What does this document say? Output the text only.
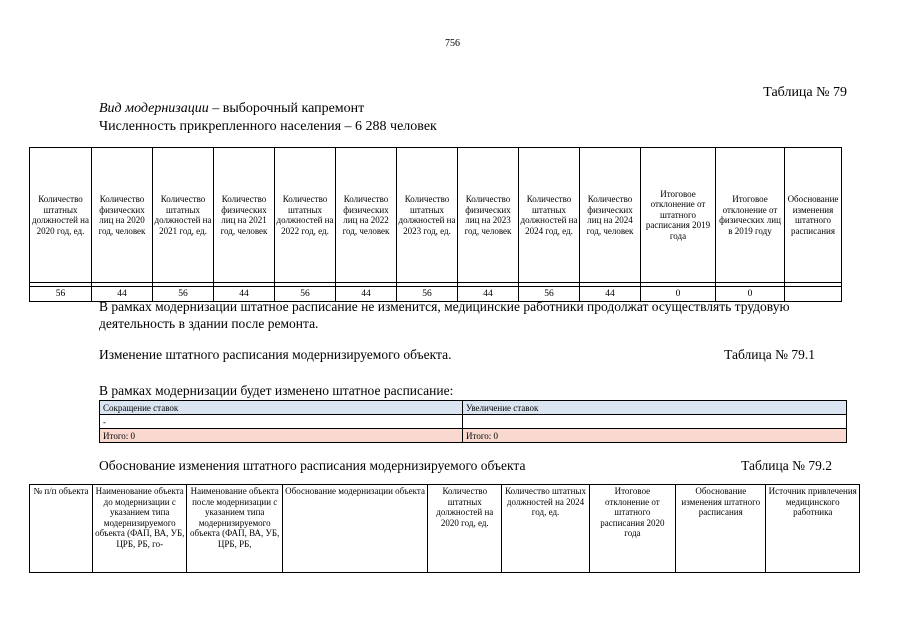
756
Таблица № 79
Вид модернизации – выборочный капремонт
Численность прикрепленного населения – 6 288 человек
Количество штатных должностей на 2020 год, ед.	Количество физических лиц на 2020 год, человек	Количество штатных должностей на 2021 год, ед.	Количество физических лиц на 2021 год, человек	Количество штатных должностей на 2022 год, ед.	Количество физических лиц на 2022 год, человек	Количество штатных должностей на 2023 год, ед.	Количество физических лиц на 2023 год, человек	Количество штатных должностей на 2024 год, ед.	Количество физических лиц на 2024 год, человек	Итоговое отклонение от штатного расписания 2019 года	Итоговое отклонение от физических лиц в 2019 году	Обоснование изменения штатного расписания

56	44	56	44	56	44	56	44	56	44	0	0	
В рамках модернизации штатное расписание не изменится, медицинские работники продолжат осуществлять трудовую деятельность в здании после ремонта.
Изменение штатного расписания модернизируемого объекта.	Таблица № 79.1
В рамках модернизации будет изменено штатное расписание:
Сокращение ставок	Увеличение ставок
-	
Итого: 0	Итого: 0
Обоснование изменения штатного расписания модернизируемого объекта	Таблица № 79.2
№ п/п объекта	Наименование объекта до модернизации с указанием типа модернизируемого объекта (ФАП, ВА, УБ, ЦРБ, РБ, го-	Наименование объекта после модернизации с указанием типа модернизируемого объекта (ФАП, ВА, УБ, ЦРБ, РБ,	Обоснование модернизации объекта	Количество штатных должностей на 2020 год, ед.	Количество штатных должностей на 2024 год, ед.	Итоговое отклонение от штатного расписания 2020 года	Обоснование изменения штатного расписания	Источник привлечения медицинского работника
